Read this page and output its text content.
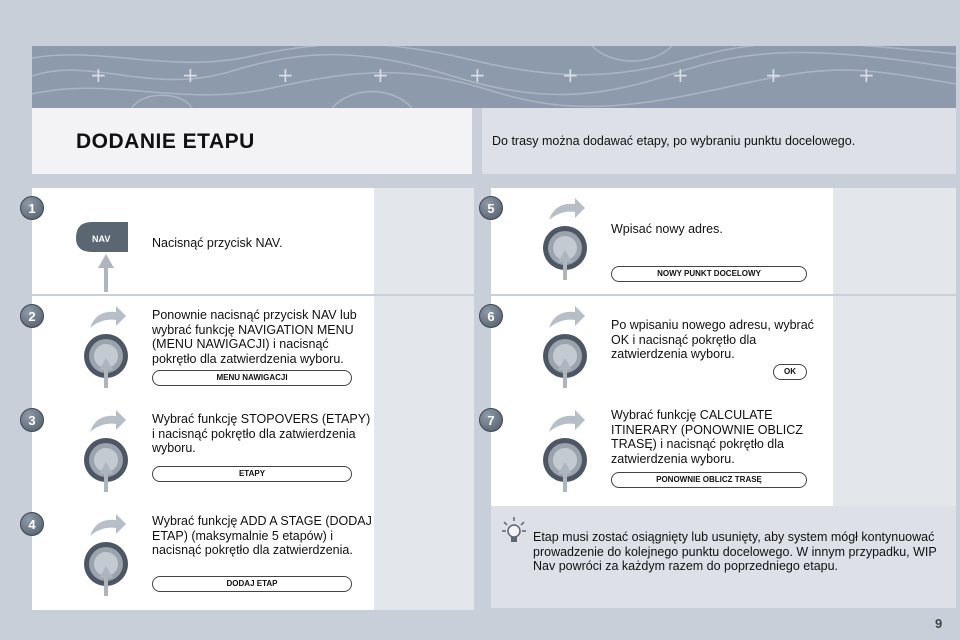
+	+	+	+	+	+	+	+	+
DODANIE ETAPU	Do trasy można dodawać etapy, po wybraniu punktu docelowego.

1
NAV	Nacisnąć przycisk NAV.
2	Ponownie nacisnąć przycisk NAV lub wybrać funkcję NAVIGATION MENU (MENU NAWIGACJI) i nacisnąć pokrętło dla zatwierdzenia wyboru.
MENU NAWIGACJI
3	Wybrać funkcję STOPOVERS (ETAPY) i nacisnąć pokrętło dla zatwierdzenia wyboru.
ETAPY
4	Wybrać funkcję ADD A STAGE (DODAJ ETAP) (maksymalnie 5 etapów) i nacisnąć pokrętło dla zatwierdzenia.
DODAJ ETAP
5
Wpisać nowy adres.
NOWY PUNKT DOCELOWY
6
Po wpisaniu nowego adresu, wybrać OK i nacisnąć pokrętło dla zatwierdzenia wyboru.
OK
7	Wybrać funkcję CALCULATE ITINERARY (PONOWNIE OBLICZ TRASĘ) i nacisnąć pokrętło dla zatwierdzenia wyboru.
PONOWNIE OBLICZ TRASĘ

Etap musi zostać osiągnięty lub usunięty, aby system mógł kontynuować prowadzenie do kolejnego punktu docelowego. W innym przypadku, WIP Nav powróci za każdym razem do poprzedniego etapu.

9
